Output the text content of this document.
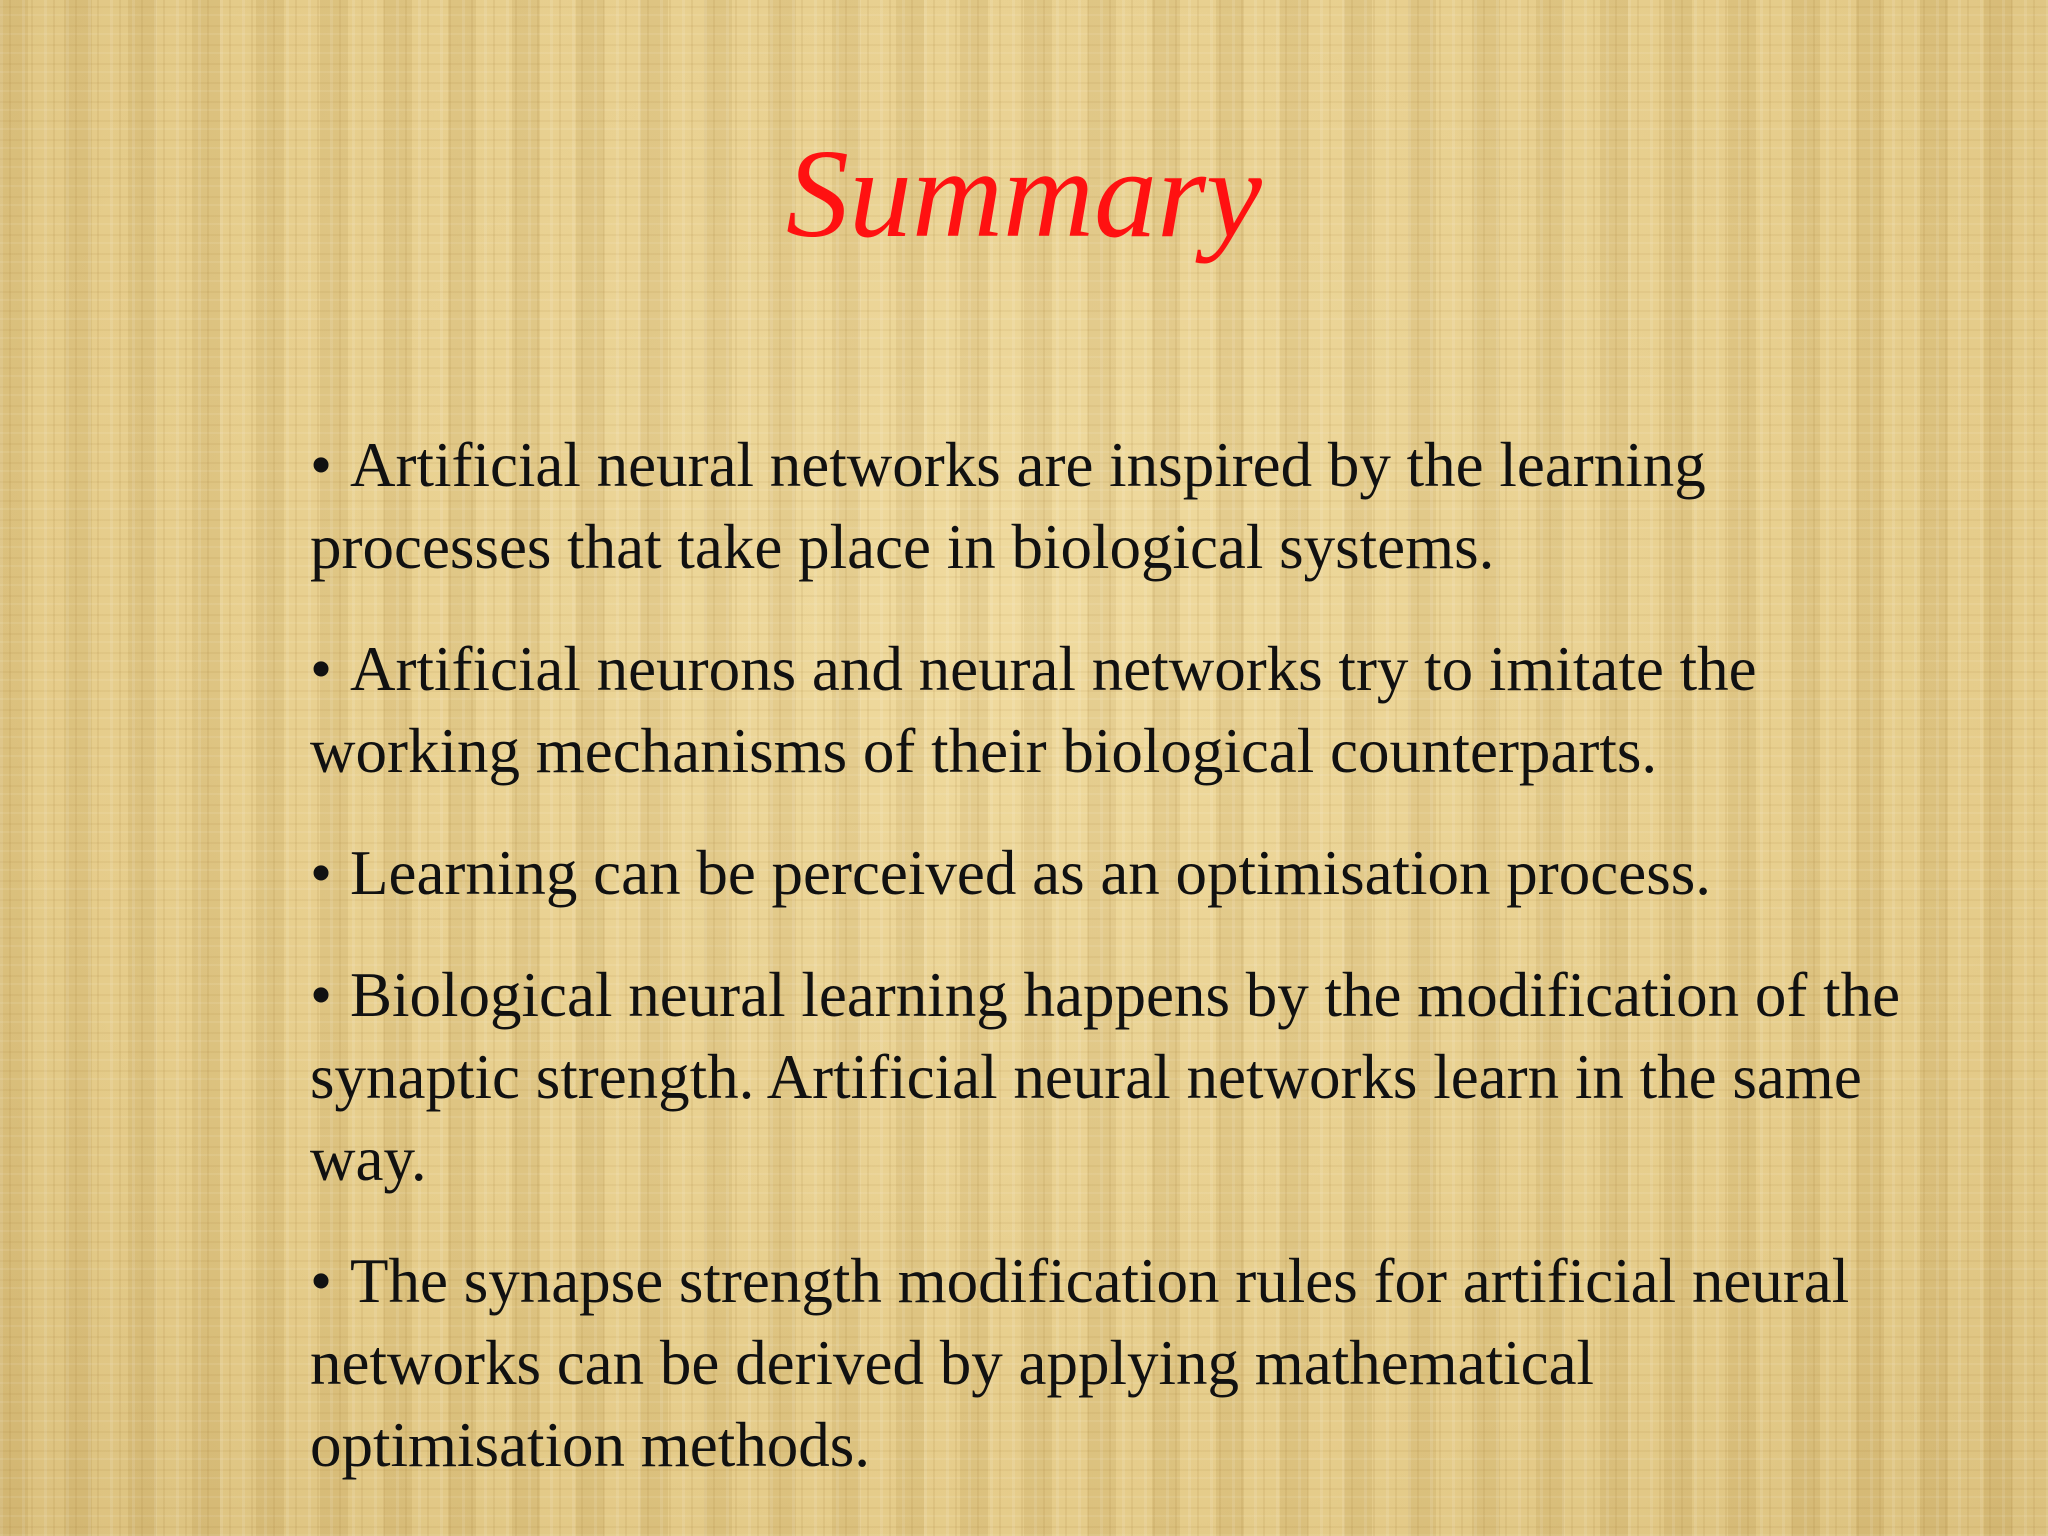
Summary
• Artificial neural networks are inspired by the learning processes that take place in biological systems.
• Artificial neurons and neural networks try to imitate the working mechanisms of their biological counterparts.
• Learning can be perceived as an optimisation process.
• Biological neural learning happens by the modification of the synaptic strength. Artificial neural networks learn in the same way.
• The synapse strength modification rules for artificial neural networks can be derived by applying mathematical optimisation methods.
